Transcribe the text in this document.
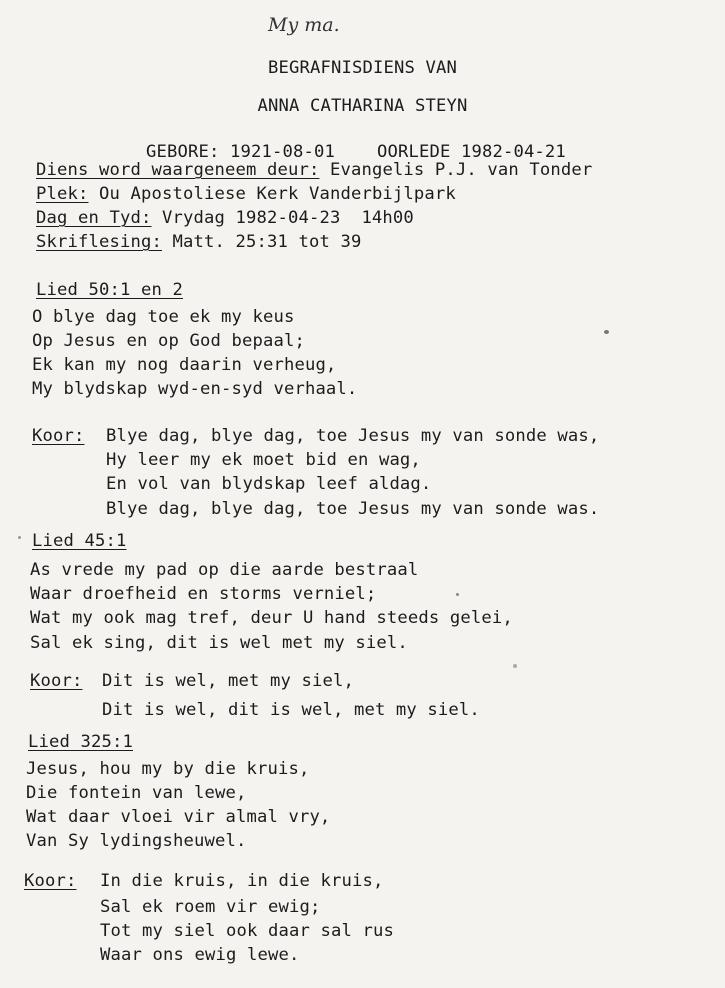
My ma.
BEGRAFNISDIENS VAN
ANNA CATHARINA STEYN

GEBORE: 1921-08-01 OORLEDE 1982-04-21

Diens word waargeneem deur: Evangelis P.J. van Tonder
Plek: Ou Apostoliese Kerk Vanderbijlpark
Dag en Tyd: Vrydag 1982-04-23  14h00
Skriflesing: Matt. 25:31 tot 39
Lied 50:1 en 2
O blye dag toe ek my keus
Op Jesus en op God bepaal;
Ek kan my nog daarin verheug,
My blydskap wyd-en-syd verhaal.
Koor: Blye dag, blye dag, toe Jesus my van sonde was,
Hy leer my ek moet bid en wag,
En vol van blydskap leef aldag.
Blye dag, blye dag, toe Jesus my van sonde was.
Lied 45:1
As vrede my pad op die aarde bestraal
Waar droefheid en storms verniel;
Wat my ook mag tref, deur U hand steeds gelei,
Sal ek sing, dit is wel met my siel.
Koor: Dit is wel, met my siel,
Dit is wel, dit is wel, met my siel.
Lied 325:1
Jesus, hou my by die kruis,
Die fontein van lewe,
Wat daar vloei vir almal vry,
Van Sy lydingsheuwel.
Koor: In die kruis, in die kruis,
Sal ek roem vir ewig;
Tot my siel ook daar sal rus
Waar ons ewig lewe.
